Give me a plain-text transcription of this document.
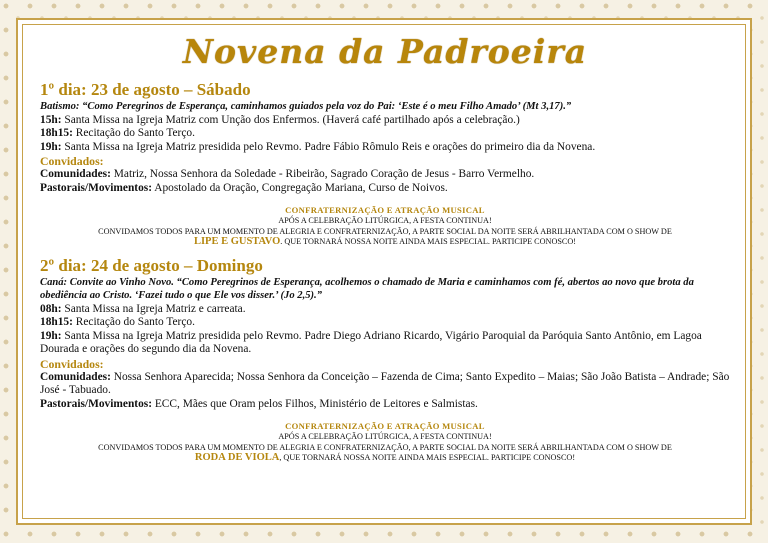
Novena da Padroeira
1º dia: 23 de agosto – Sábado

Batismo: “Como Peregrinos de Esperança, caminhamos guiados pela voz do Pai: ‘Este é o meu Filho Amado’ (Mt 3,17).”

15h: Santa Missa na Igreja Matriz com Unção dos Enfermos. (Haverá café partilhado após a celebração.)

18h15: Recitação do Santo Terço.

19h: Santa Missa na Igreja Matriz presidida pelo Revmo. Padre Fábio Rômulo Reis e orações do primeiro dia da Novena.

Convidados:

Comunidades: Matriz, Nossa Senhora da Soledade - Ribeirão, Sagrado Coração de Jesus - Barro Vermelho.

Pastorais/Movimentos: Apostolado da Oração, Congregação Mariana, Curso de Noivos.

CONFRATERNIZAÇÃO E ATRAÇÃO MUSICAL
APÓS A CELEBRAÇÃO LITÚRGICA, A FESTA CONTINUA!
CONVIDAMOS TODOS PARA UM MOMENTO DE ALEGRIA E CONFRATERNIZAÇÃO, A PARTE SOCIAL DA NOITE SERÁ ABRILHANTADA COM O SHOW DE
LIPE E GUSTAVO. QUE TORNARÁ NOSSA NOITE AINDA MAIS ESPECIAL. PARTICIPE CONOSCO!
2º dia: 24 de agosto – Domingo

Caná: Convite ao Vinho Novo. “Como Peregrinos de Esperança, acolhemos o chamado de Maria e caminhamos com fé, abertos ao novo que brota da obediência ao Cristo. ‘Fazei tudo o que Ele vos disser.’ (Jo 2,5).”

08h: Santa Missa na Igreja Matriz e carreata.

18h15: Recitação do Santo Terço.

19h: Santa Missa na Igreja Matriz presidida pelo Revmo. Padre Diego Adriano Ricardo, Vigário Paroquial da Paróquia Santo Antônio, em Lagoa Dourada e orações do segundo dia da Novena.

Convidados:

Comunidades: Nossa Senhora Aparecida; Nossa Senhora da Conceição – Fazenda de Cima; Santo Expedito – Maias; São João Batista – Andrade; São José - Tabuado.

Pastorais/Movimentos: ECC, Mães que Oram pelos Filhos, Ministério de Leitores e Salmistas.

CONFRATERNIZAÇÃO E ATRAÇÃO MUSICAL
APÓS A CELEBRAÇÃO LITÚRGICA, A FESTA CONTINUA!
CONVIDAMOS TODOS PARA UM MOMENTO DE ALEGRIA E CONFRATERNIZAÇÃO, A PARTE SOCIAL DA NOITE SERÁ ABRILHANTADA COM O SHOW DE
RODA DE VIOLA, QUE TORNARÁ NOSSA NOITE AINDA MAIS ESPECIAL. PARTICIPE CONOSCO!
